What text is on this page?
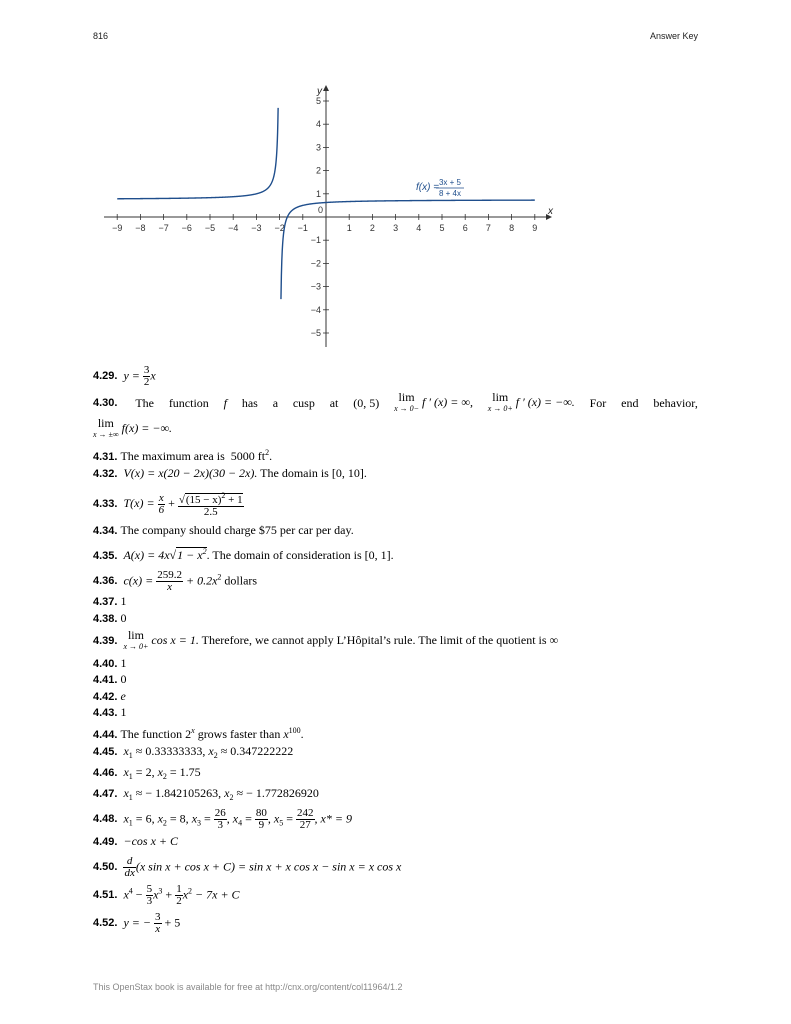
816	Answer Key
x
y
0
−9 −8 −7 −6 −5 −4 −3 −2 −1	1 2 3 4 5 6 7 8 9
5
4
3
2
1
−1
−2
−3
−4
−5
f(x) = 3x + 5
8 + 4x
4.29. $y = \frac{3}{2}$ x
4.30. The function f has a cusp at (0, 5)	lim
x → 0− f ′ (x) = ∞,	lim
x → 0+ f ′ (x) = −∞. For end behavior,
lim
x → ±∞ f(x) = −∞.
4.31. The maximum area is 5000 $ft^2$.
4.32. V(x) = x(20 − 2x)(30 − 2x). The domain is [0, 10].
4.33. $T(x) = \frac{x}{6} + \frac{√(15 - x)^2 + 1}{2.5}$
4.34. The company should charge $75 per car per day.
4.35. $A(x) = 4x√1 - x^2$. The domain of consideration is [0, 1].
4.36. $c(x) = \frac{259.2}{x} + 0.2x^2$ dollars
4.37. 1
4.38. 0
4.39. lim
x → 0+ cos x = 1. Therefore, we cannot apply L’Hôpital’s rule. The limit of the quotient is ∞
4.40. 1
4.41. 0
4.42. e
4.43. 1
4.44. The function 2$^x$ grows faster than $x^{100}$.
4.45. $x_1 \approx 0.33333333$, $x_2 \approx 0.347222222$
4.46. $x_1 = 2$, $x_2 = 1.75$
4.47. $x_1$ ≈ − 1.842105263, $x_2$ ≈ − 1.772826920
4.48. $x_1 = 6$, $x_2 = 8$, $x_3 = \frac{26}{3}$ , $x_4 = \frac{80}{9}$ , $x_5 = \frac{242}{27}$ , x* = 9
4.49. −cos x + C
4.50. $\frac{d}{dx} (x$ sin x + cos x + C) = sin x + x cos x − sin x = x cos x
4.51. $x^4 - \frac{5}{3} x^3 + \frac{1}{2} x^2 - 7x + C$
4.52. y = − $\frac{3}{x} + 5$
This OpenStax book is available for free at http://cnx.org/content/col11964/1.2
